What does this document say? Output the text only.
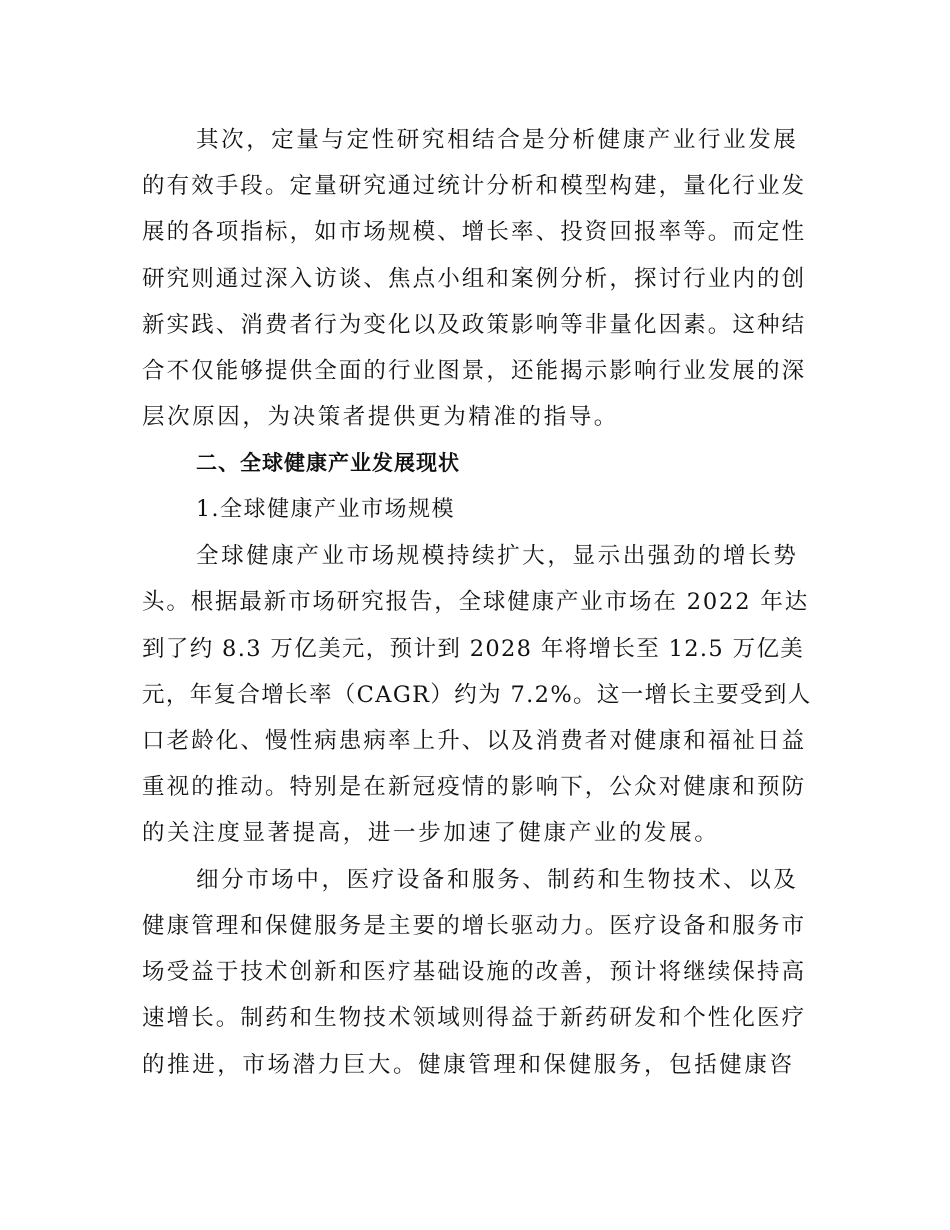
其次，定量与定性研究相结合是分析健康产业行业发展
的有效手段。定量研究通过统计分析和模型构建，量化行业发
展的各项指标，如市场规模、增长率、投资回报率等。而定性
研究则通过深入访谈、焦点小组和案例分析，探讨行业内的创
新实践、消费者行为变化以及政策影响等非量化因素。这种结
合不仅能够提供全面的行业图景，还能揭示影响行业发展的深
层次原因，为决策者提供更为精准的指导。
二、全球健康产业发展现状
1.全球健康产业市场规模
全球健康产业市场规模持续扩大，显示出强劲的增长势
头。根据最新市场研究报告，全球健康产业市场在 2022 年达
到了约 8.3 万亿美元，预计到 2028 年将增长至 12.5 万亿美
元，年复合增长率（CAGR）约为 7.2%。这一增长主要受到人
口老龄化、慢性病患病率上升、以及消费者对健康和福祉日益
重视的推动。特别是在新冠疫情的影响下，公众对健康和预防
的关注度显著提高，进一步加速了健康产业的发展。
细分市场中，医疗设备和服务、制药和生物技术、以及
健康管理和保健服务是主要的增长驱动力。医疗设备和服务市
场受益于技术创新和医疗基础设施的改善，预计将继续保持高
速增长。制药和生物技术领域则得益于新药研发和个性化医疗
的推进，市场潜力巨大。健康管理和保健服务，包括健康咨
